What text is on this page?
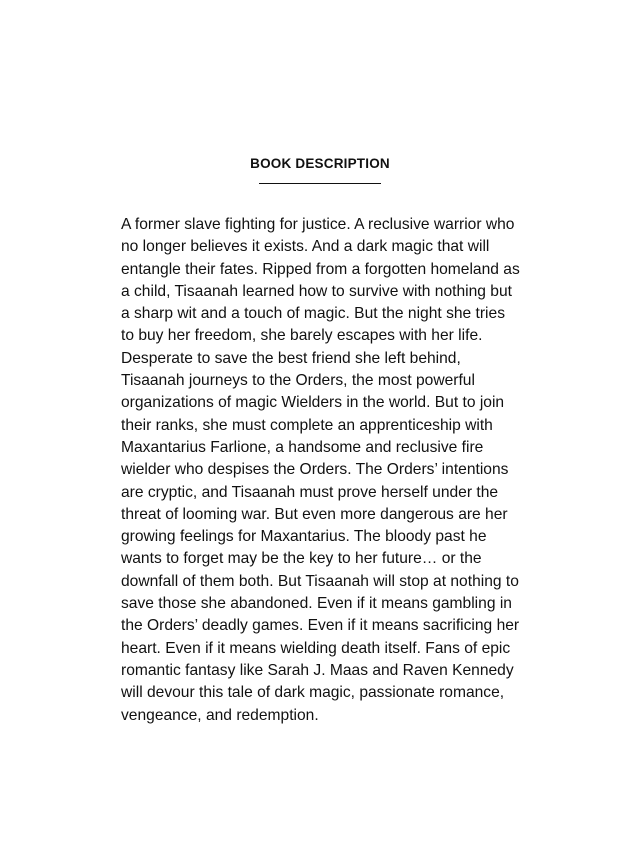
BOOK DESCRIPTION

A former slave fighting for justice. A reclusive warrior who no longer believes it exists. And a dark magic that will entangle their fates. Ripped from a forgotten homeland as a child, Tisaanah learned how to survive with nothing but a sharp wit and a touch of magic. But the night she tries to buy her freedom, she barely escapes with her life. Desperate to save the best friend she left behind, Tisaanah journeys to the Orders, the most powerful organizations of magic Wielders in the world. But to join their ranks, she must complete an apprenticeship with Maxantarius Farlione, a handsome and reclusive fire wielder who despises the Orders. The Orders’ intentions are cryptic, and Tisaanah must prove herself under the threat of looming war. But even more dangerous are her growing feelings for Maxantarius. The bloody past he wants to forget may be the key to her future… or the downfall of them both. But Tisaanah will stop at nothing to save those she abandoned. Even if it means gambling in the Orders’ deadly games. Even if it means sacrificing her heart. Even if it means wielding death itself. Fans of epic romantic fantasy like Sarah J. Maas and Raven Kennedy will devour this tale of dark magic, passionate romance, vengeance, and redemption.
